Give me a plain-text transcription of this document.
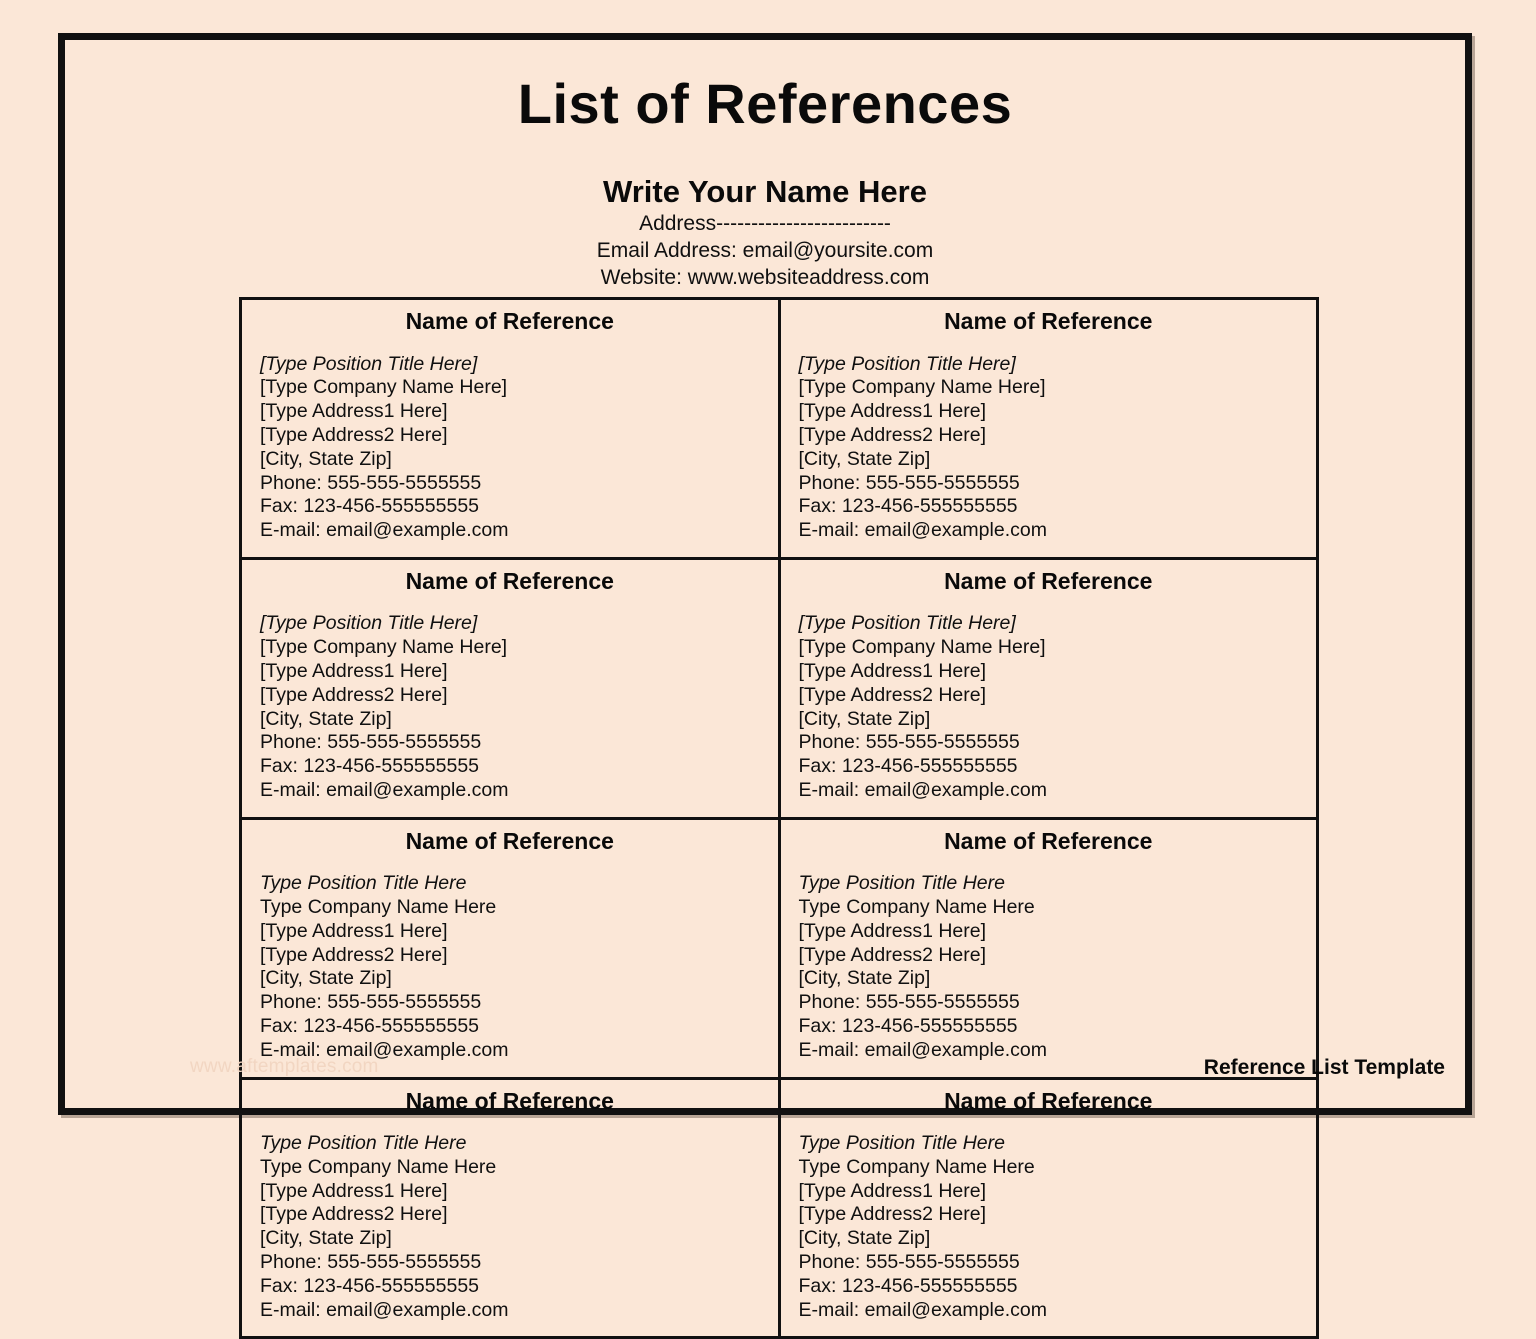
List of References
Write Your Name Here
Address-------------------------
Email Address: email@yoursite.com
Website: www.websiteaddress.com
Name of Reference
[Type Position Title Here]
[Type Company Name Here]
[Type Address1 Here]
[Type Address2 Here]
[City, State Zip]
Phone: 555-555-5555555
Fax: 123-456-555555555
E-mail: email@example.com

Name of Reference
[Type Position Title Here]
[Type Company Name Here]
[Type Address1 Here]
[Type Address2 Here]
[City, State Zip]
Phone: 555-555-5555555
Fax: 123-456-555555555
E-mail: email@example.com

Name of Reference
[Type Position Title Here]
[Type Company Name Here]
[Type Address1 Here]
[Type Address2 Here]
[City, State Zip]
Phone: 555-555-5555555
Fax: 123-456-555555555
E-mail: email@example.com

Name of Reference
[Type Position Title Here]
[Type Company Name Here]
[Type Address1 Here]
[Type Address2 Here]
[City, State Zip]
Phone: 555-555-5555555
Fax: 123-456-555555555
E-mail: email@example.com

Name of Reference
Type Position Title Here
Type Company Name Here
[Type Address1 Here]
[Type Address2 Here]
[City, State Zip]
Phone: 555-555-5555555
Fax: 123-456-555555555
E-mail: email@example.com

Name of Reference
Type Position Title Here
Type Company Name Here
[Type Address1 Here]
[Type Address2 Here]
[City, State Zip]
Phone: 555-555-5555555
Fax: 123-456-555555555
E-mail: email@example.com

Name of Reference
Type Position Title Here
Type Company Name Here
[Type Address1 Here]
[Type Address2 Here]
[City, State Zip]
Phone: 555-555-5555555
Fax: 123-456-555555555
E-mail: email@example.com

Name of Reference
Type Position Title Here
Type Company Name Here
[Type Address1 Here]
[Type Address2 Here]
[City, State Zip]
Phone: 555-555-5555555
Fax: 123-456-555555555
E-mail: email@example.com
www.aftemplates.com	Reference List Template
